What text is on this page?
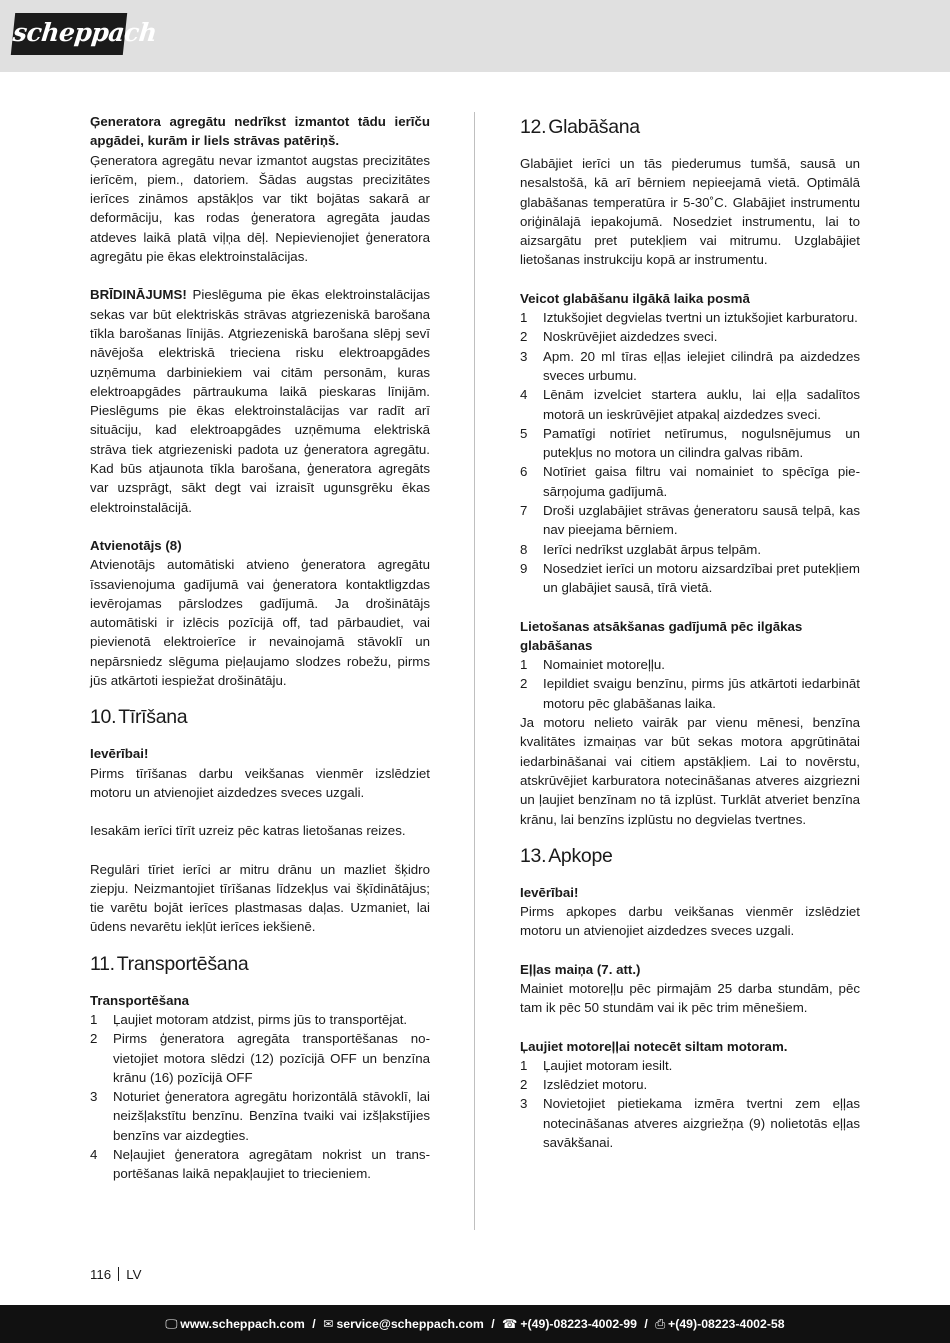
scheppach

Ģeneratora agregātu nedrīkst izmantot tādu ierīču apgādei, kurām ir liels strāvas patēriņš.

Ģeneratora agregātu nevar izmantot augstas precizitātes ierīcēm, piem., datoriem. Šādas augstas precizitātes ierīces zināmos apstākļos var tikt bojātas sakarā ar deformāciju, kas rodas ģeneratora agregāta jaudas atdeves laikā platā viļņa dēļ. Nepievienojiet ģeneratora agregātu pie ēkas elektroinstalācijas.

BRĪDINĀJUMS! Pieslēguma pie ēkas elektroinstalācijas sekas var būt elektriskās strāvas atgriezeniskā barošana tīkla barošanas līnijās. Atgriezeniskā barošana slēpj sevī nāvējoša elektriskā trieciena risku elektroapgādes uzņēmuma darbiniekiem vai citām personām, kuras elektroapgādes pārtraukuma laikā pieskaras līnijām. Pieslēgums pie ēkas elektroinstalācijas var radīt arī situāciju, kad elektroapgādes uzņēmuma elektriskā strāva tiek atgriezeniski padota uz ģeneratora agregātu. Kad būs atjaunota tīkla barošana, ģeneratora agregāts var uzsprāgt, sākt degt vai izraisīt ugunsgrēku ēkas elektroinstalācijā.

Atvienotājs (8)

Atvienotājs automātiski atvieno ģeneratora agregātu īssavienojuma gadījumā vai ģeneratora kontaktligzdas ievērojamas pārslodzes gadījumā. Ja drošinātājs automātiski ir izlēcis pozīcijā off, tad pārbaudiet, vai pievienotā elektroierīce ir nevainojamā stāvoklī un nepārsniedz slēguma pieļaujamo slodzes robežu, pirms jūs atkārtoti iespiežat drošinātāju.

10. Tīrīšana

Ievērībai!

Pirms tīrīšanas darbu veikšanas vienmēr izslēdziet motoru un atvienojiet aizdedzes sveces uzgali.

Iesakām ierīci tīrīt uzreiz pēc katras lietošanas reizes.

Regulāri tīriet ierīci ar mitru drānu un mazliet šķidro ziepju. Neizmantojiet tīrīšanas līdzekļus vai šķīdinātājus; tie varētu bojāt ierīces plastmasas daļas. Uzmaniet, lai ūdens nevarētu iekļūt ierīces iekšienē.

11. Transportēšana

Transportēšana

1 Ļaujiet motoram atdzist, pirms jūs to transportējat.
2 Pirms ģeneratora agregāta transportēšanas novietojiet motora slēdzi (12) pozīcijā OFF un benzīna krānu (16) pozīcijā OFF
3 Noturiet ģeneratora agregātu horizontālā stāvoklī, lai neizšļakstītu benzīnu. Benzīna tvaiki vai izšļakstījies benzīns var aizdegties.
4 Neļaujiet ģeneratora agregātam nokrist un transportēšanas laikā nepakļaujiet to triecieniem.
12. Glabāšana

Glabājiet ierīci un tās piederumus tumšā, sausā un nesalstošā, kā arī bērniem nepieejamā vietā. Optimālā glabāšanas temperatūra ir 5-30˚C. Glabājiet instrumentu oriģinālajā iepakojumā. Nosedziet instrumentu, lai to aizsargātu pret putekļiem vai mitrumu. Uzglabājiet lietošanas instrukciju kopā ar instrumentu.

Veicot glabāšanu ilgākā laika posmā

1 Iztukšojiet degvielas tvertni un iztukšojiet karburatoru.
2 Noskrūvējiet aizdedzes sveci.
3 Apm. 20 ml tīras eļļas ielejiet cilindrā pa aizdedzes sveces urbumu.
4 Lēnām izvelciet startera auklu, lai eļļa sadalītos motorā un ieskrūvējiet atpakaļ aizdedzes sveci.
5 Pamatīgi notīriet netīrumus, nogulsnējumus un putekļus no motora un cilindra galvas ribām.
6 Notīriet gaisa filtru vai nomainiet to spēcīga piesārņojuma gadījumā.
7 Droši uzglabājiet strāvas ģeneratoru sausā telpā, kas nav pieejama bērniem.
8 Ierīci nedrīkst uzglabāt ārpus telpām.
9 Nosedziet ierīci un motoru aizsardzībai pret putekļiem un glabājiet sausā, tīrā vietā.

Lietošanas atsākšanas gadījumā pēc ilgākas glabāšanas

1 Nomainiet motoreļļu.
2 Iepildiet svaigu benzīnu, pirms jūs atkārtoti iedarbināt motoru pēc glabāšanas laika.

Ja motoru nelieto vairāk par vienu mēnesi, benzīna kvalitātes izmaiņas var būt sekas motora apgrūtinātai iedarbināšanai vai citiem apstākļiem. Lai to novērstu, atskrūvējiet karburatora notecināšanas atveres aizgriezni un ļaujiet benzīnam no tā izplūst. Turklāt atveriet benzīna krānu, lai benzīns izplūstu no degvielas tvertnes.

13. Apkope

Ievērībai!

Pirms apkopes darbu veikšanas vienmēr izslēdziet motoru un atvienojiet aizdedzes sveces uzgali.

Eļļas maiņa (7. att.)

Mainiet motoreļļu pēc pirmajām 25 darba stundām, pēc tam ik pēc 50 stundām vai ik pēc trim mēnešiem.

Ļaujiet motoreļļai notecēt siltam motoram.

1 Ļaujiet motoram iesilt.
2 Izslēdziet motoru.
3 Novietojiet pietiekama izmēra tvertni zem eļļas notecināšanas atveres aizgriežņa (9) nolietotās eļļas savākšanai.
116 LV
🖵 www.scheppach.com / ✉ service@scheppach.com / ☎ +(49)-08223-4002-99 / ⎙ +(49)-08223-4002-58
